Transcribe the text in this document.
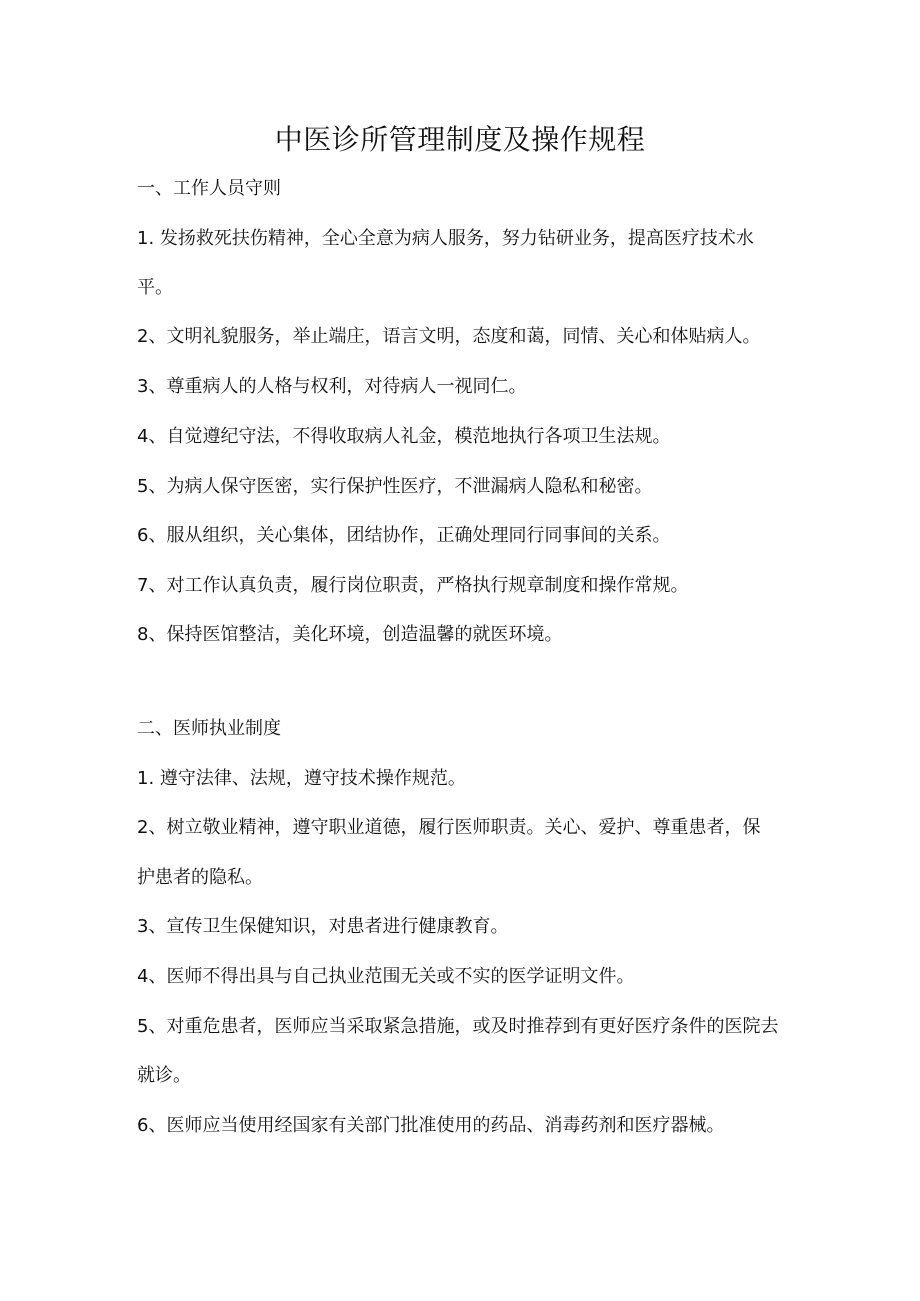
中医诊所管理制度及操作规程

一、工作人员守则

1. 发扬救死扶伤精神，全心全意为病人服务，努力钻研业务，提高医疗技术水

平。

2、文明礼貌服务，举止端庄，语言文明，态度和蔼，同情、关心和体贴病人。

3、尊重病人的人格与权利，对待病人一视同仁。

4、自觉遵纪守法，不得收取病人礼金，模范地执行各项卫生法规。

5、为病人保守医密，实行保护性医疗，不泄漏病人隐私和秘密。

6、服从组织，关心集体，团结协作，正确处理同行同事间的关系。

7、对工作认真负责，履行岗位职责，严格执行规章制度和操作常规。

8、保持医馆整洁，美化环境，创造温馨的就医环境。

二、医师执业制度

1. 遵守法律、法规，遵守技术操作规范。

2、树立敬业精神，遵守职业道德，履行医师职责。关心、爱护、尊重患者，保

护患者的隐私。

3、宣传卫生保健知识，对患者进行健康教育。

4、医师不得出具与自己执业范围无关或不实的医学证明文件。

5、对重危患者，医师应当采取紧急措施，或及时推荐到有更好医疗条件的医院去

就诊。

6、医师应当使用经国家有关部门批准使用的药品、消毒药剂和医疗器械。
